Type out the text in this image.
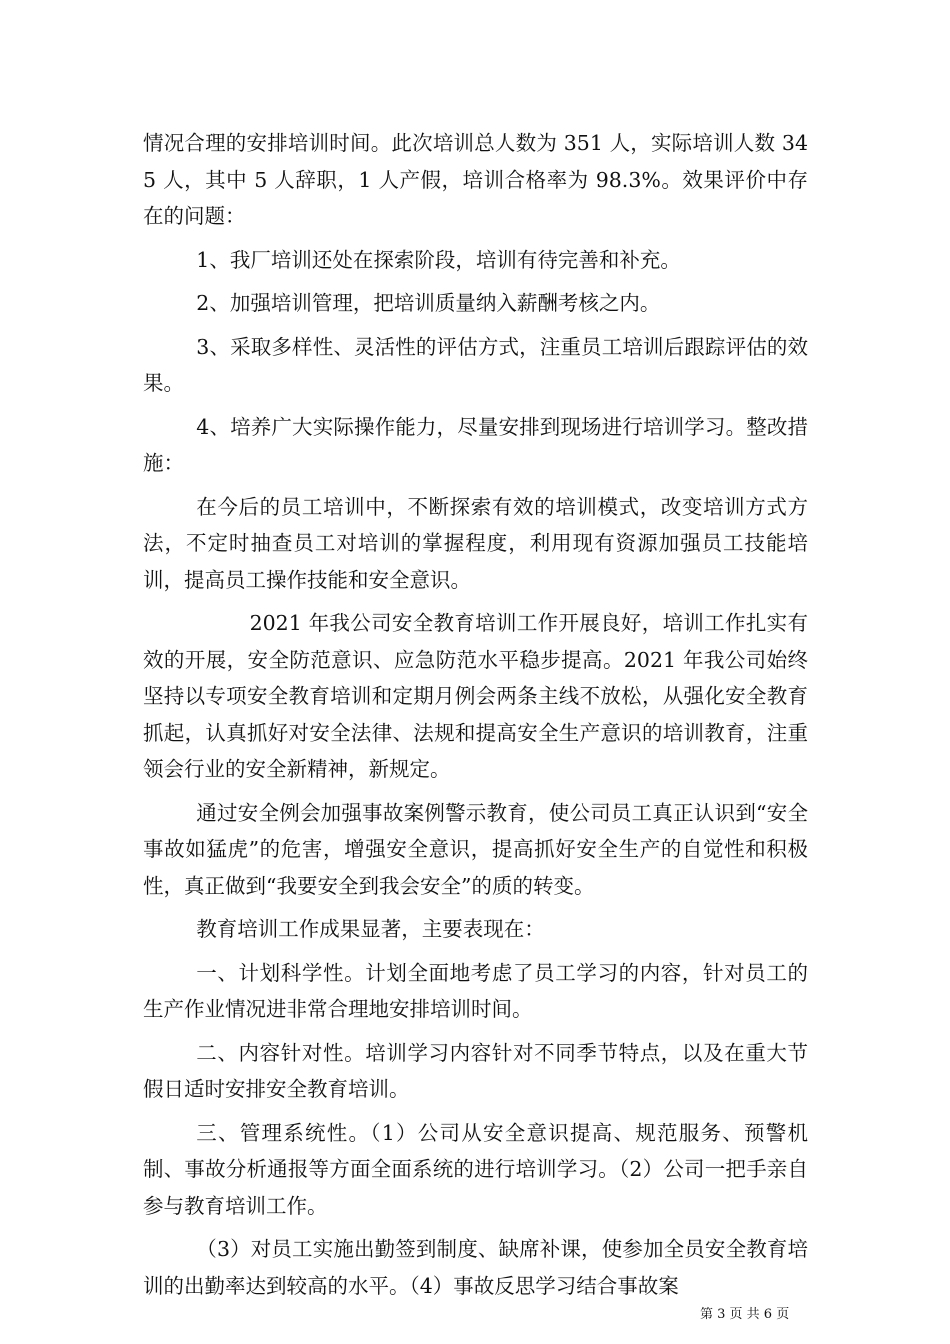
情况合理的安排培训时间。此次培训总人数为 351 人，实际培训人数 345 人，其中 5 人辞职，1 人产假，培训合格率为 98.3%。效果评价中存在的问题：

1、我厂培训还处在探索阶段，培训有待完善和补充。

2、加强培训管理，把培训质量纳入薪酬考核之内。

3、采取多样性、灵活性的评估方式，注重员工培训后跟踪评估的效果。

4、培养广大实际操作能力，尽量安排到现场进行培训学习。整改措施：

在今后的员工培训中，不断探索有效的培训模式，改变培训方式方法，不定时抽查员工对培训的掌握程度，利用现有资源加强员工技能培训，提高员工操作技能和安全意识。

2021 年我公司安全教育培训工作开展良好，培训工作扎实有效的开展，安全防范意识、应急防范水平稳步提高。2021 年我公司始终坚持以专项安全教育培训和定期月例会两条主线不放松，从强化安全教育抓起，认真抓好对安全法律、法规和提高安全生产意识的培训教育，注重领会行业的安全新精神，新规定。

通过安全例会加强事故案例警示教育，使公司员工真正认识到“安全事故如猛虎”的危害，增强安全意识，提高抓好安全生产的自觉性和积极性，真正做到“我要安全到我会安全”的质的转变。

教育培训工作成果显著，主要表现在：

一、计划科学性。计划全面地考虑了员工学习的内容，针对员工的生产作业情况进非常合理地安排培训时间。

二、内容针对性。培训学习内容针对不同季节特点，以及在重大节假日适时安排安全教育培训。

三、管理系统性。（1）公司从安全意识提高、规范服务、预警机制、事故分析通报等方面全面系统的进行培训学习。（2）公司一把手亲自参与教育培训工作。

（3）对员工实施出勤签到制度、缺席补课，使参加全员安全教育培训的出勤率达到较高的水平。（4）事故反思学习结合事故案

第 3 页 共 6 页
